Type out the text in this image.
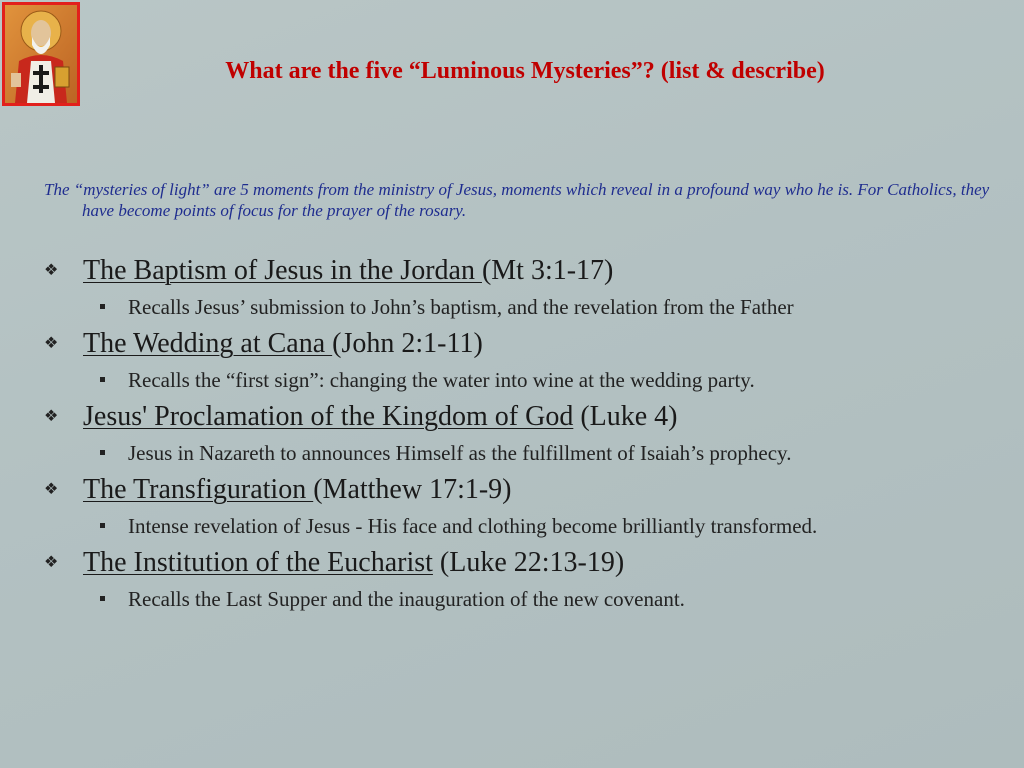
What are the five “Luminous Mysteries”? (list & describe)
The “mysteries of light” are 5 moments from the ministry of Jesus, moments which reveal in a profound way who he is. For Catholics, they have become points of focus for the prayer of the rosary.
❖ The Baptism of Jesus in the Jordan (Mt 3:1-17)
Recalls Jesus’ submission to John’s baptism, and the revelation from the Father
❖ The Wedding at Cana (John 2:1-11)
Recalls the “first sign”: changing the water into wine at the wedding party.
❖ Jesus' Proclamation of the Kingdom of God (Luke 4)
Jesus in Nazareth to announces Himself as the fulfillment of Isaiah’s prophecy.
❖ The Transfiguration (Matthew 17:1-9)
Intense revelation of Jesus - His face and clothing become brilliantly transformed.
❖ The Institution of the Eucharist (Luke 22:13-19)
Recalls the Last Supper and the inauguration of the new covenant.
